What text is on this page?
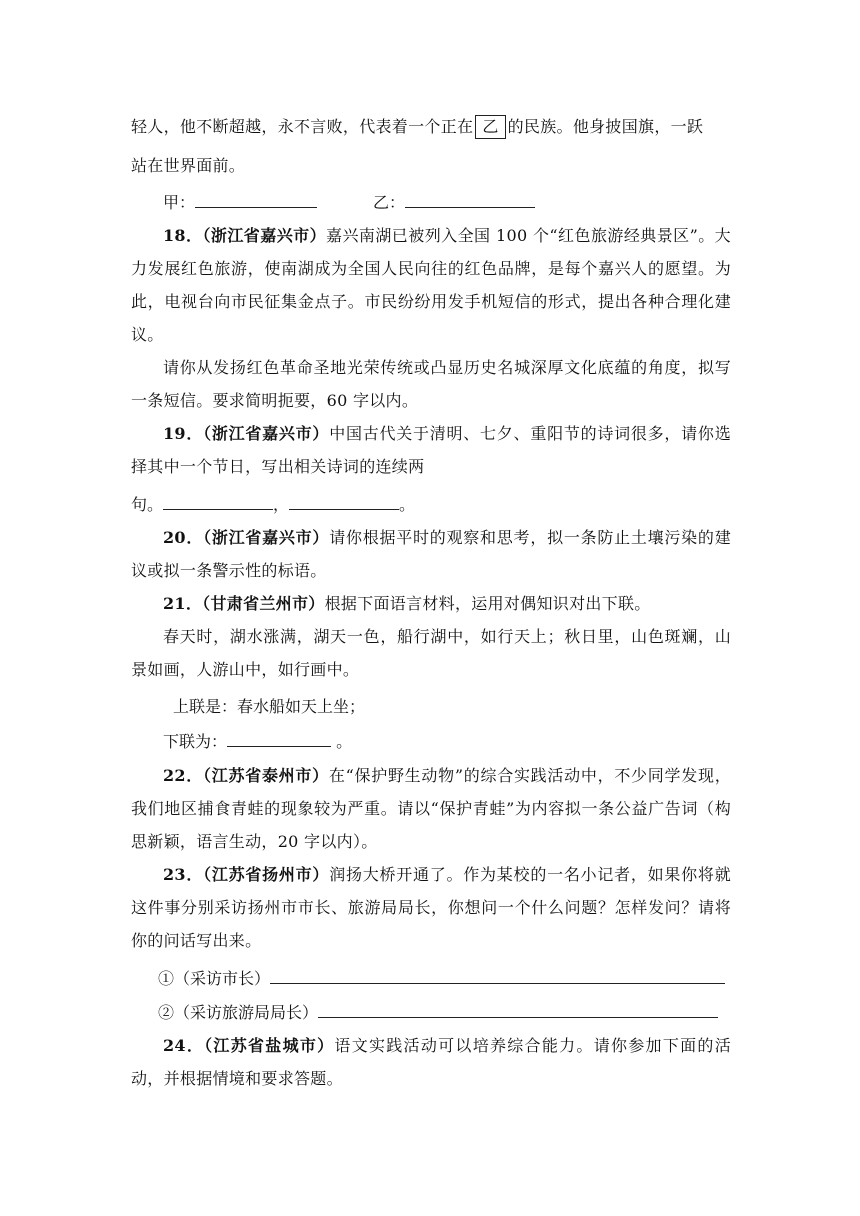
轻人，他不断超越，永不言败，代表着一个正在 乙 的民族。他身披国旗，一跃

站在世界面前。

甲：	乙：

18．（浙江省嘉兴市）嘉兴南湖已被列入全国 100 个“红色旅游经典景区”。大力发展红色旅游，使南湖成为全国人民向往的红色品牌，是每个嘉兴人的愿望。为此，电视台向市民征集金点子。市民纷纷用发手机短信的形式，提出各种合理化建议。

请你从发扬红色革命圣地光荣传统或凸显历史名城深厚文化底蕴的角度，拟写一条短信。要求简明扼要，60 字以内。

19．（浙江省嘉兴市）中国古代关于清明、七夕、重阳节的诗词很多，请你选择其中一个节日，写出相关诗词的连续两

句。	，	。

20．（浙江省嘉兴市）请你根据平时的观察和思考，拟一条防止土壤污染的建议或拟一条警示性的标语。

21．（甘肃省兰州市）根据下面语言材料，运用对偶知识对出下联。

春天时，湖水涨满，湖天一色，船行湖中，如行天上；秋日里，山色斑斓，山景如画，人游山中，如行画中。

上联是：春水船如天上坐；
下联为：	。

22．（江苏省泰州市）在“保护野生动物”的综合实践活动中，不少同学发现，我们地区捕食青蛙的现象较为严重。请以“保护青蛙”为内容拟一条公益广告词（构思新颖，语言生动，20 字以内）。

23．（江苏省扬州市）润扬大桥开通了。作为某校的一名小记者，如果你将就这件事分别采访扬州市市长、旅游局局长，你想问一个什么问题？怎样发问？请将你的问话写出来。

①（采访市长）
②（采访旅游局局长）

24．（江苏省盐城市）语文实践活动可以培养综合能力。请你参加下面的活动，并根据情境和要求答题。
